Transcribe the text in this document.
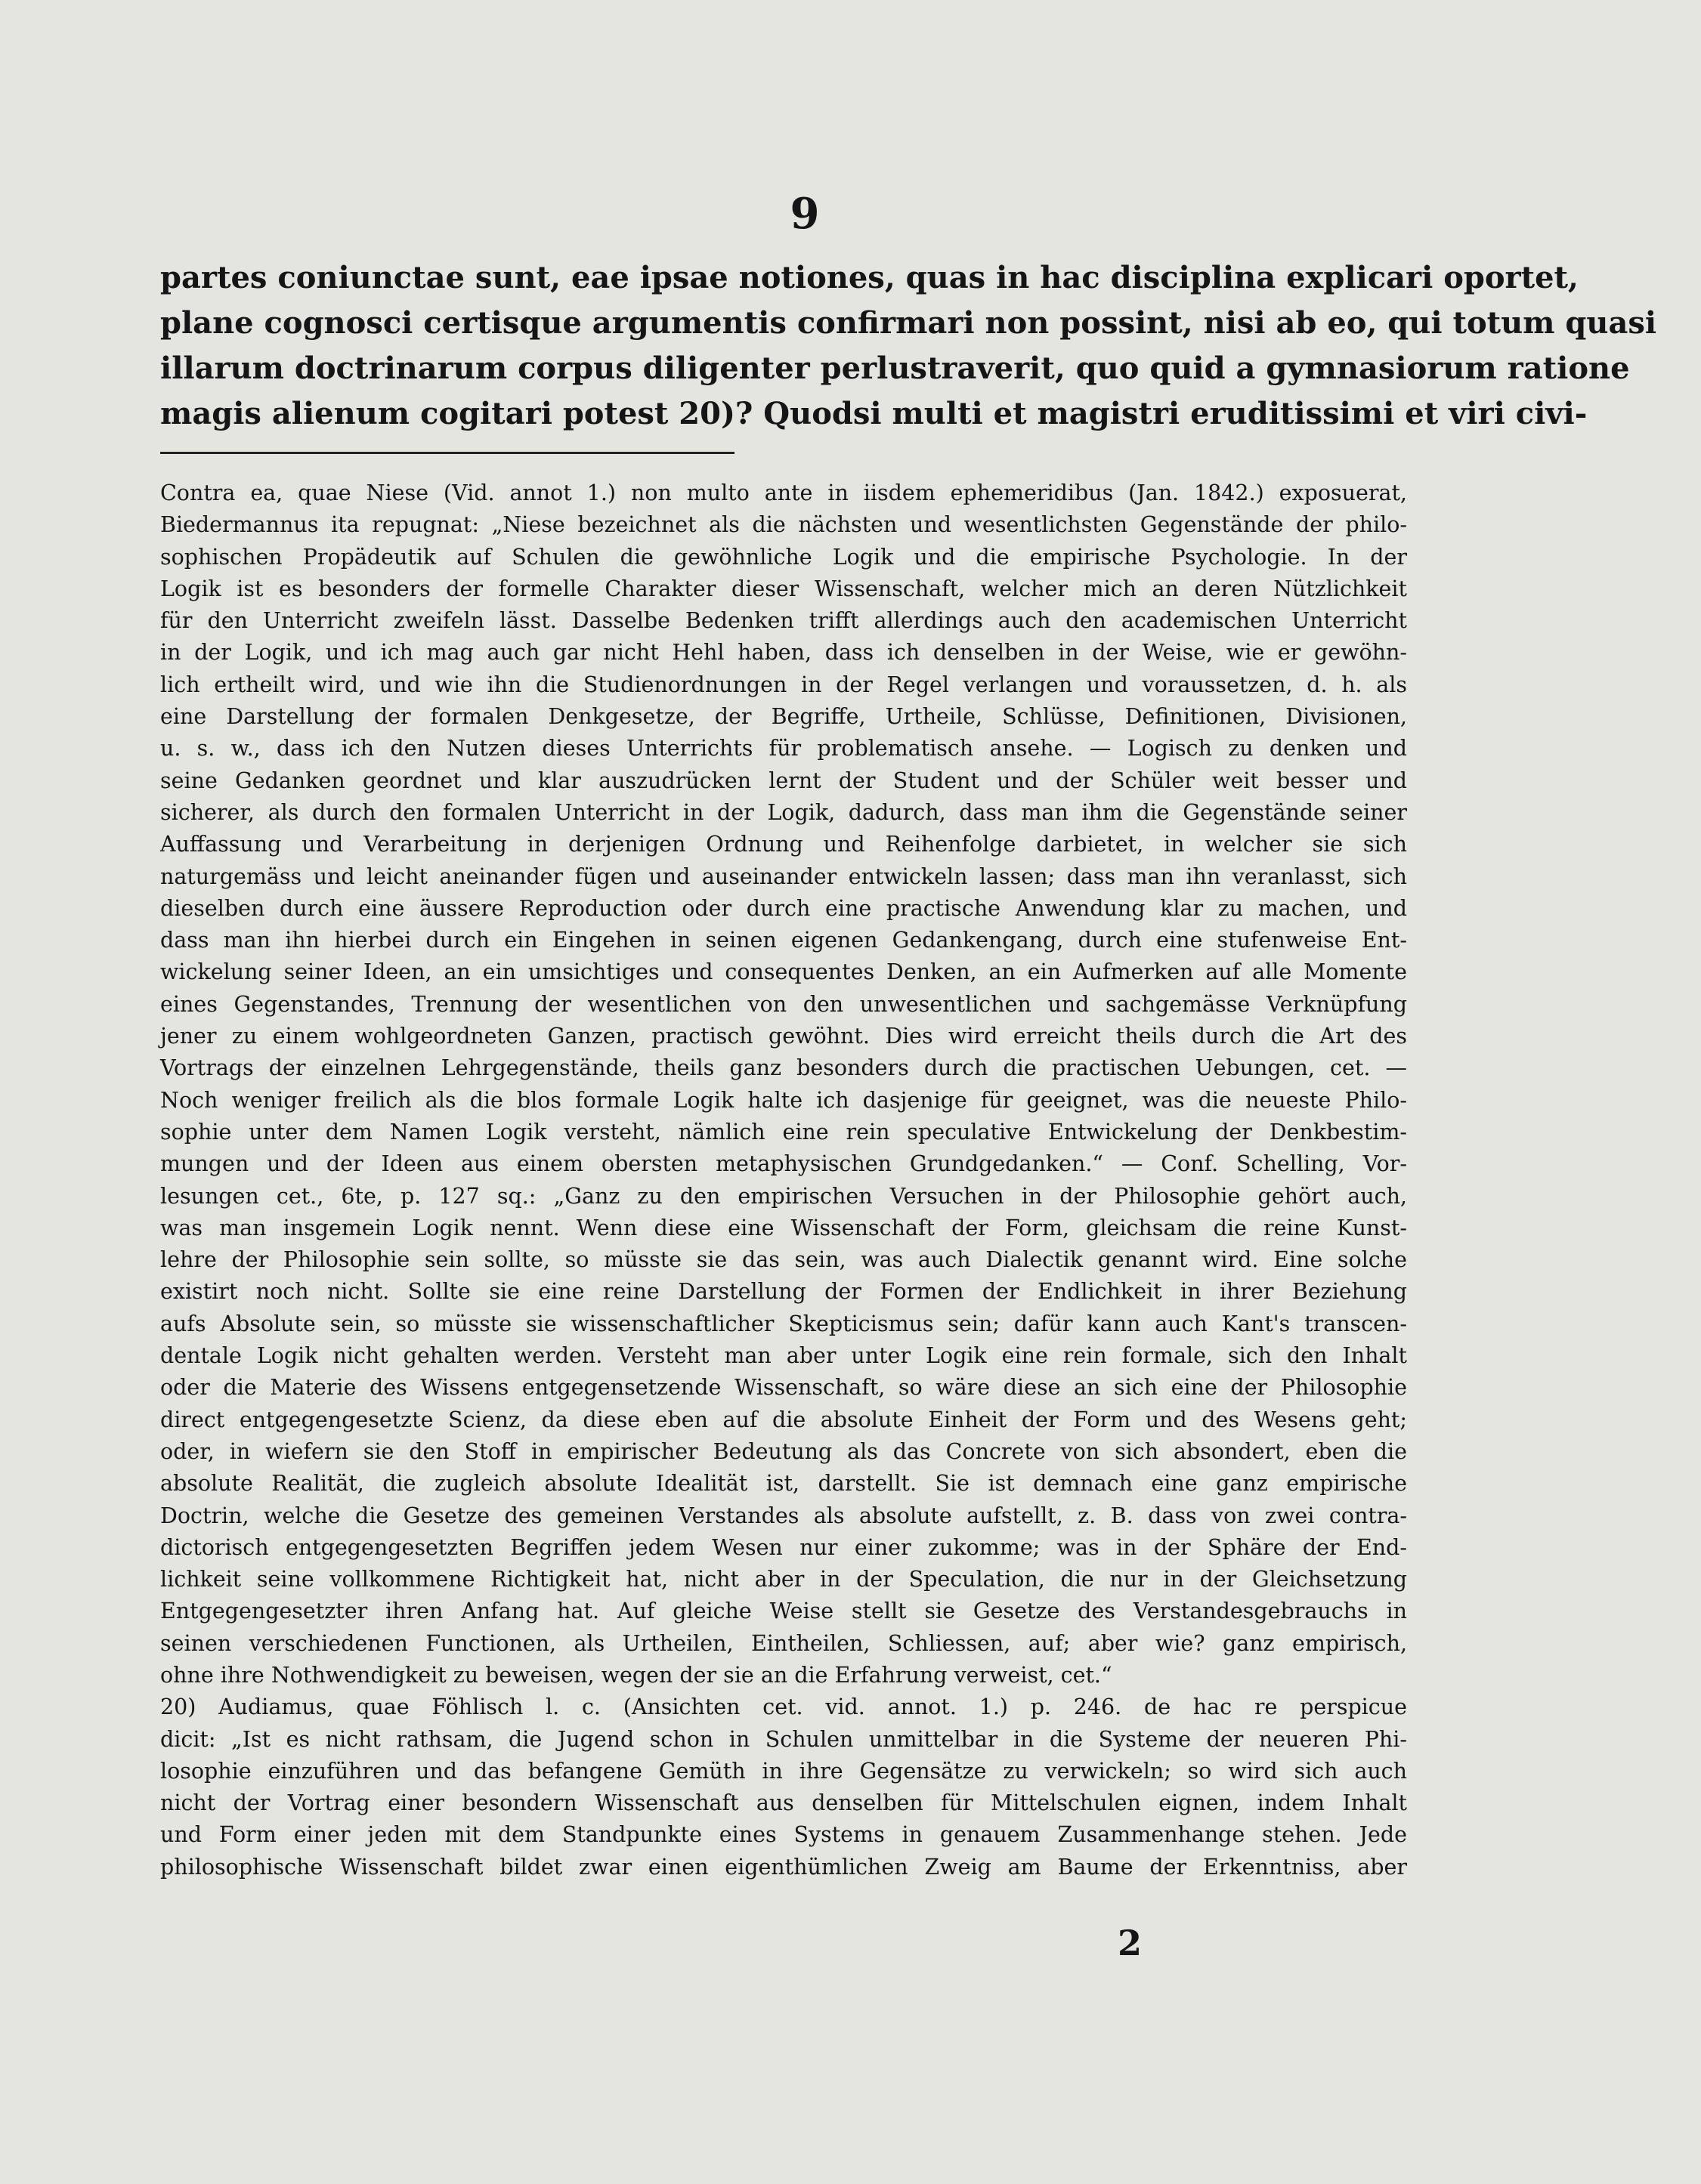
9
partes coniunctae sunt, eae ipsae notiones, quas in hac disciplina explicari oportet,
plane cognosci certisque argumentis confirmari non possint, nisi ab eo, qui totum quasi
illarum doctrinarum corpus diligenter perlustraverit, quo quid a gymnasiorum ratione
magis alienum cogitari potest 20)? Quodsi multi et magistri eruditissimi et viri civi-
Contra ea, quae Niese (Vid. annot 1.) non multo ante in iisdem ephemeridibus (Jan. 1842.) exposuerat,
Biedermannus ita repugnat: „Niese bezeichnet als die nächsten und wesentlichsten Gegenstände der philo-
sophischen Propädeutik auf Schulen die gewöhnliche Logik und die empirische Psychologie. In der
Logik ist es besonders der formelle Charakter dieser Wissenschaft, welcher mich an deren Nützlichkeit
für den Unterricht zweifeln lässt. Dasselbe Bedenken trifft allerdings auch den academischen Unterricht
in der Logik, und ich mag auch gar nicht Hehl haben, dass ich denselben in der Weise, wie er gewöhn-
lich ertheilt wird, und wie ihn die Studienordnungen in der Regel verlangen und voraussetzen, d. h. als
eine Darstellung der formalen Denkgesetze, der Begriffe, Urtheile, Schlüsse, Definitionen, Divisionen,
u. s. w., dass ich den Nutzen dieses Unterrichts für problematisch ansehe. — Logisch zu denken und
seine Gedanken geordnet und klar auszudrücken lernt der Student und der Schüler weit besser und
sicherer, als durch den formalen Unterricht in der Logik, dadurch, dass man ihm die Gegenstände seiner
Auffassung und Verarbeitung in derjenigen Ordnung und Reihenfolge darbietet, in welcher sie sich
naturgemäss und leicht aneinander fügen und auseinander entwickeln lassen; dass man ihn veranlasst, sich
dieselben durch eine äussere Reproduction oder durch eine practische Anwendung klar zu machen, und
dass man ihn hierbei durch ein Eingehen in seinen eigenen Gedankengang, durch eine stufenweise Ent-
wickelung seiner Ideen, an ein umsichtiges und consequentes Denken, an ein Aufmerken auf alle Momente
eines Gegenstandes, Trennung der wesentlichen von den unwesentlichen und sachgemässe Verknüpfung
jener zu einem wohlgeordneten Ganzen, practisch gewöhnt. Dies wird erreicht theils durch die Art des
Vortrags der einzelnen Lehrgegenstände, theils ganz besonders durch die practischen Uebungen, cet. —
Noch weniger freilich als die blos formale Logik halte ich dasjenige für geeignet, was die neueste Philo-
sophie unter dem Namen Logik versteht, nämlich eine rein speculative Entwickelung der Denkbestim-
mungen und der Ideen aus einem obersten metaphysischen Grundgedanken.“ — Conf. Schelling, Vor-
lesungen cet., 6te, p. 127 sq.: „Ganz zu den empirischen Versuchen in der Philosophie gehört auch,
was man insgemein Logik nennt. Wenn diese eine Wissenschaft der Form, gleichsam die reine Kunst-
lehre der Philosophie sein sollte, so müsste sie das sein, was auch Dialectik genannt wird. Eine solche
existirt noch nicht. Sollte sie eine reine Darstellung der Formen der Endlichkeit in ihrer Beziehung
aufs Absolute sein, so müsste sie wissenschaftlicher Skepticismus sein; dafür kann auch Kant's transcen-
dentale Logik nicht gehalten werden. Versteht man aber unter Logik eine rein formale, sich den Inhalt
oder die Materie des Wissens entgegensetzende Wissenschaft, so wäre diese an sich eine der Philosophie
direct entgegengesetzte Scienz, da diese eben auf die absolute Einheit der Form und des Wesens geht;
oder, in wiefern sie den Stoff in empirischer Bedeutung als das Concrete von sich absondert, eben die
absolute Realität, die zugleich absolute Idealität ist, darstellt. Sie ist demnach eine ganz empirische
Doctrin, welche die Gesetze des gemeinen Verstandes als absolute aufstellt, z. B. dass von zwei contra-
dictorisch entgegengesetzten Begriffen jedem Wesen nur einer zukomme; was in der Sphäre der End-
lichkeit seine vollkommene Richtigkeit hat, nicht aber in der Speculation, die nur in der Gleichsetzung
Entgegengesetzter ihren Anfang hat. Auf gleiche Weise stellt sie Gesetze des Verstandesgebrauchs in
seinen verschiedenen Functionen, als Urtheilen, Eintheilen, Schliessen, auf; aber wie? ganz empirisch,
ohne ihre Nothwendigkeit zu beweisen, wegen der sie an die Erfahrung verweist, cet.“
20) Audiamus, quae Föhlisch l. c. (Ansichten cet. vid. annot. 1.) p. 246. de hac re perspicue
dicit: „Ist es nicht rathsam, die Jugend schon in Schulen unmittelbar in die Systeme der neueren Phi-
losophie einzuführen und das befangene Gemüth in ihre Gegensätze zu verwickeln; so wird sich auch
nicht der Vortrag einer besondern Wissenschaft aus denselben für Mittelschulen eignen, indem Inhalt
und Form einer jeden mit dem Standpunkte eines Systems in genauem Zusammenhange stehen. Jede
philosophische Wissenschaft bildet zwar einen eigenthümlichen Zweig am Baume der Erkenntniss, aber
2
